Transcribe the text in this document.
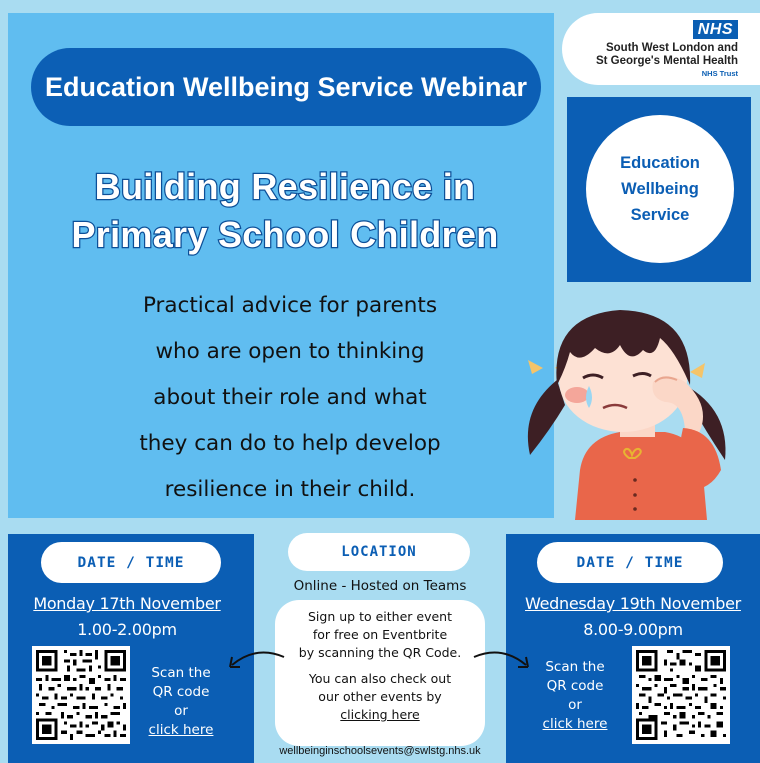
Education Wellbeing Service Webinar
Building Resilience in
Primary School Children
Practical advice for parents
who are open to thinking
about their role and what
they can do to help develop
resilience in their child.
NHS
South West London and
St George's Mental Health
NHS Trust
Education
Wellbeing
Service
DATE / TIME
Monday 17th November
1.00-2.00pm
Scan the
QR code
or
click here
DATE / TIME
Wednesday 19th November
8.00-9.00pm
Scan the
QR code
or
click here
LOCATION
Online - Hosted on Teams

Sign up to either event
for free on Eventbrite
by scanning the QR Code.

You can also check out
our other events by
clicking here

wellbeinginschoolsevents@swlstg.nhs.uk
